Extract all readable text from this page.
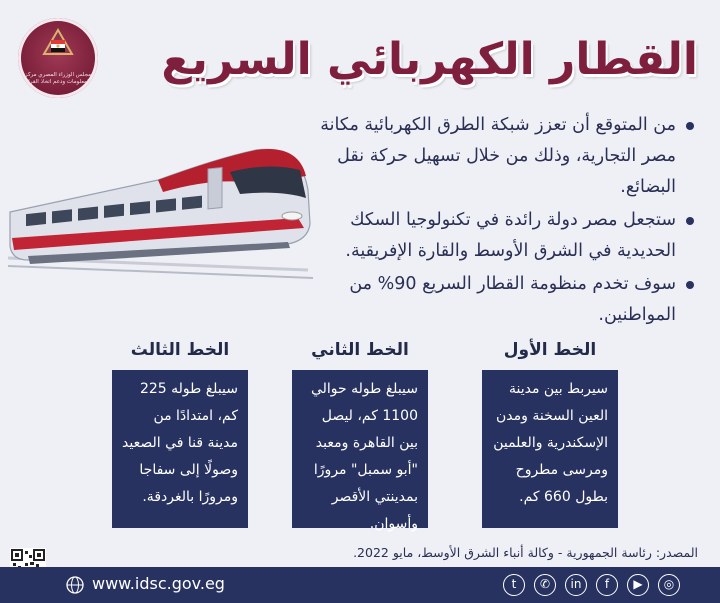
مجلس الوزراء المصري مركز المعلومات ودعم اتخاذ القرار	القطار الكهربائي السريع
من المتوقع أن تعزز شبكة الطرق الكهربائية مكانة مصر التجارية، وذلك من خلال تسهيل حركة نقل البضائع.
ستجعل مصر دولة رائدة في تكنولوجيا السكك الحديدية في الشرق الأوسط والقارة الإفريقية.
سوف تخدم منظومة القطار السريع 90% من المواطنين.
الخط الأول
سيربط بين مدينة العين السخنة ومدن الإسكندرية والعلمين ومرسى مطروح بطول 660 كم.
الخط الثاني
سيبلغ طوله حوالي 1100 كم، ليصل بين القاهرة ومعبد "أبو سمبل" مرورًا بمدينتي الأقصر وأسوان.
الخط الثالث
سيبلغ طوله 225 كم، امتدادًا من مدينة قنا في الصعيد وصولًا إلى سفاجا ومرورًا بالغردقة.
المصدر: رئاسة الجمهورية - وكالة أنباء الشرق الأوسط، مايو 2022.
www.idsc.gov.eg	t	✆	in	f	▶	◎
